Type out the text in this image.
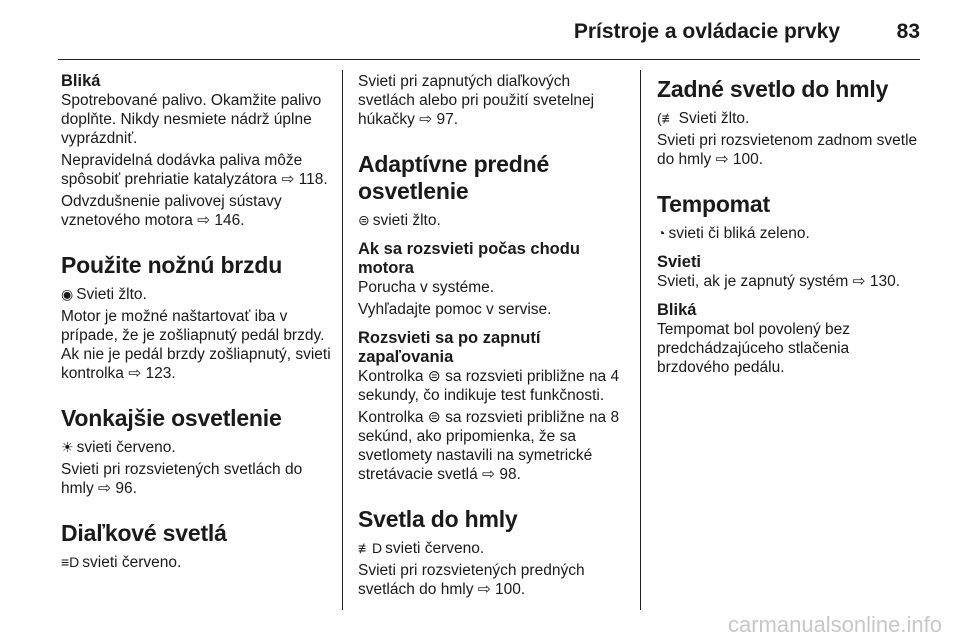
Prístroje a ovládacie prvky	83
Bliká
Spotrebované palivo. Okamžite palivo doplňte. Nikdy nesmiete nádrž úplne vyprázdniť.
Nepravidelná dodávka paliva môže spôsobiť prehriatie katalyzátora ⇨ 118.
Odvzdušnenie palivovej sústavy vznetového motora ⇨ 146.
Použite nožnú brzdu
◉ Svieti žlto.
Motor je možné naštartovať iba v prípade, že je zošliapnutý pedál brzdy. Ak nie je pedál brzdy zošliapnutý, svieti kontrolka ⇨ 123.
Vonkajšie osvetlenie
☀ svieti červeno.
Svieti pri rozsvietených svetlách do hmly ⇨ 96.
Diaľkové svetlá
≡D svieti červeno.
Svieti pri zapnutých diaľkových svetlách alebo pri použití svetelnej húkačky ⇨ 97.
Adaptívne predné osvetlenie
⊜ svieti žlto.
Ak sa rozsvieti počas chodu motora
Porucha v systéme.
Vyhľadajte pomoc v servise.
Rozsvieti sa po zapnutí zapaľovania
Kontrolka ⊜ sa rozsvieti približne na 4 sekundy, čo indikuje test funkčnosti.
Kontrolka ⊜ sa rozsvieti približne na 8 sekúnd, ako pripomienka, že sa svetlomety nastavili na symetrické stretávacie svetlá ⇨ 98.
Svetla do hmly
≢D svieti červeno.
Svieti pri rozsvietených predných svetlách do hmly ⇨ 100.
Zadné svetlo do hmly
(≢ Svieti žlto.
Svieti pri rozsvietenom zadnom svetle do hmly ⇨ 100.
Tempomat
◔ svieti či bliká zeleno.
Svieti
Svieti, ak je zapnutý systém ⇨ 130.
Bliká
Tempomat bol povolený bez predchádzajúceho stlačenia brzdového pedálu.
carmanualsonline.info
